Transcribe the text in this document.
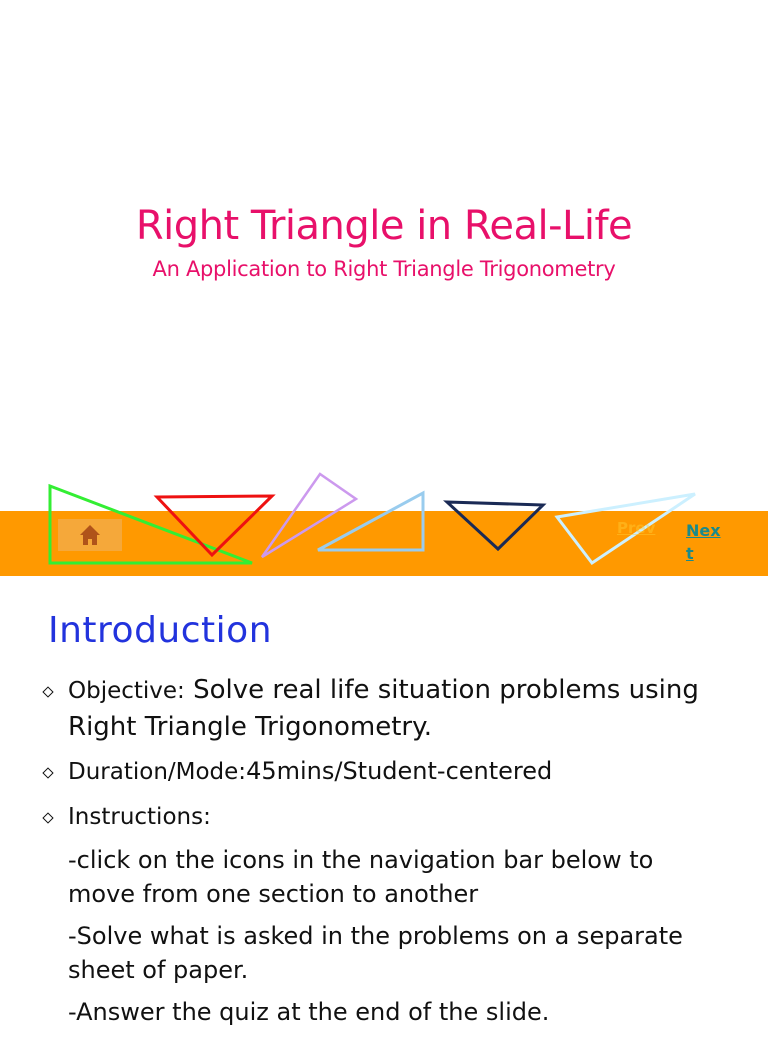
Right Triangle in Real-Life
An Application to Right Triangle Trigonometry
Prev Next
Introduction
Objective: Solve real life situation problems using Right Triangle Trigonometry.
Duration/Mode:45mins/Student-centered
Instructions:
-click on the icons in the navigation bar below to move from one section to another
-Solve what is asked in the problems on a separate sheet of paper.
-Answer the quiz at the end of the slide.
